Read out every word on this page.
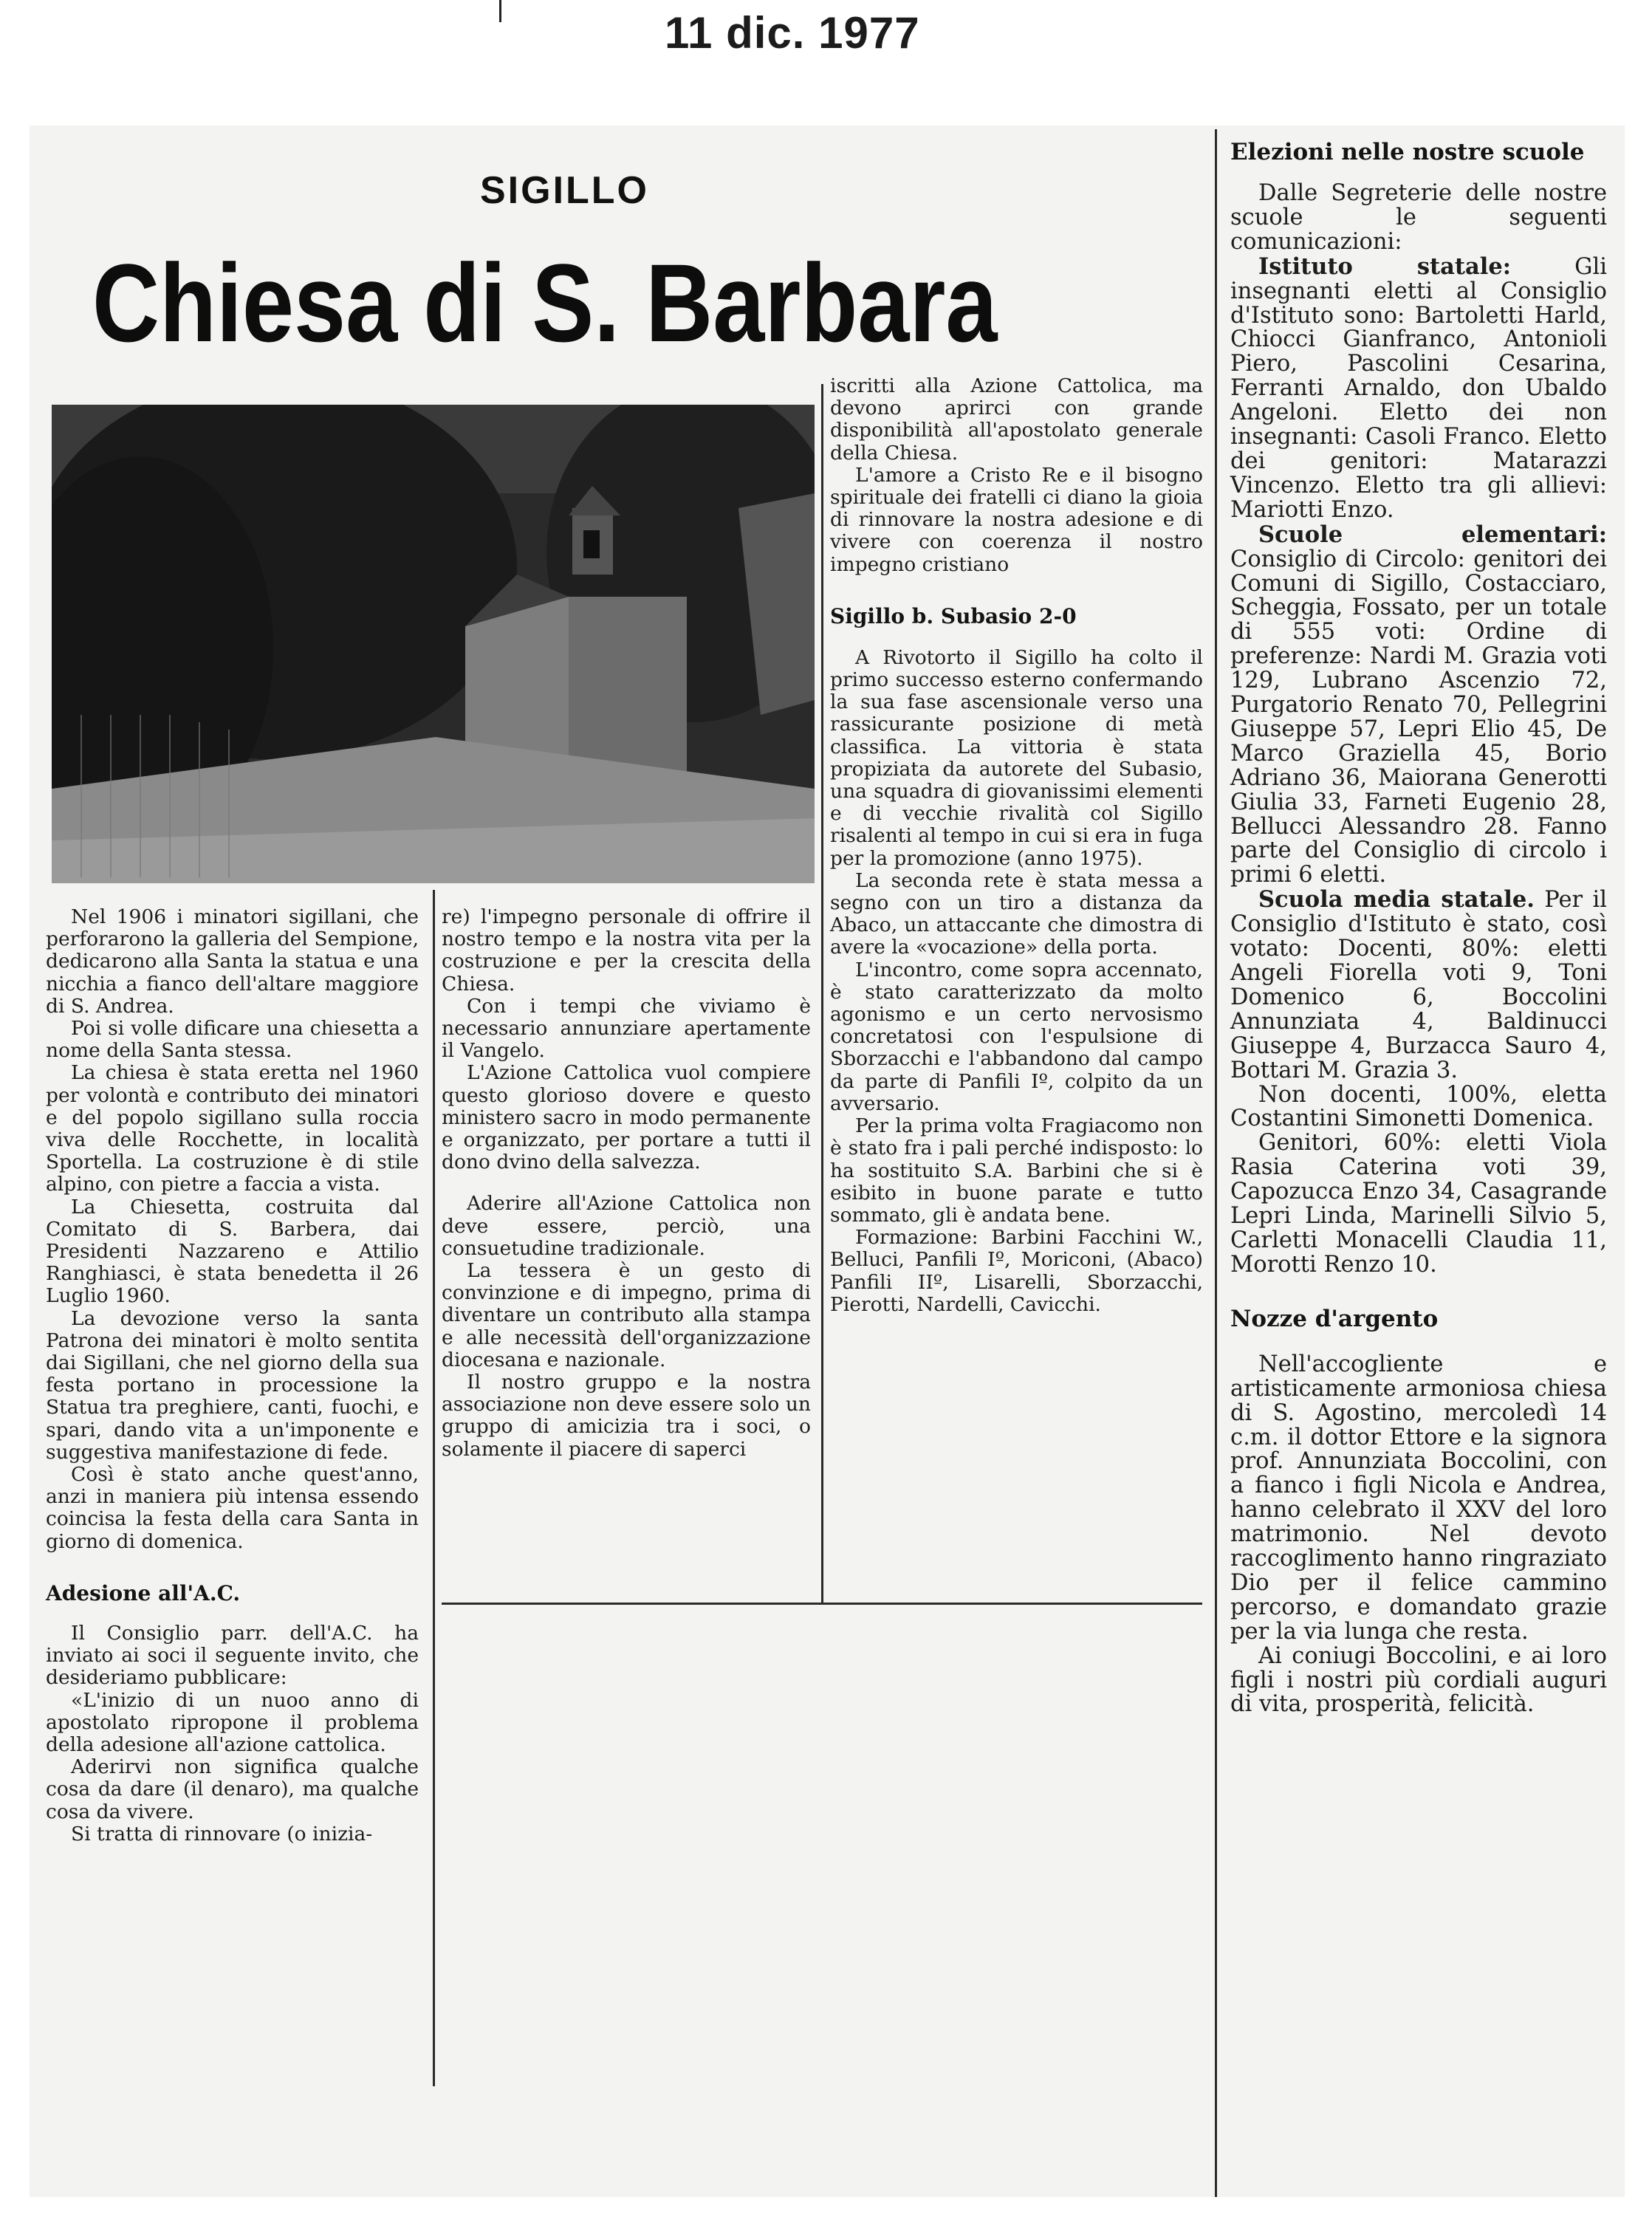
11 dic. 1977
SIGILLO
Chiesa di S. Barbara

Nel 1906 i minatori sigillani, che perforarono la galleria del Sempione, dedicarono alla Santa la statua e una nicchia a fianco dell'altare maggiore di S. Andrea.

Poi si volle dificare una chiesetta a nome della Santa stessa.

La chiesa è stata eretta nel 1960 per volontà e contributo dei minatori e del popolo sigillano sulla roccia viva delle Rocchette, in località Sportella. La costruzione è di stile alpino, con pietre a faccia a vista.

La Chiesetta, costruita dal Comitato di S. Barbera, dai Presidenti Nazzareno e Attilio Ranghiasci, è stata benedetta il 26 Luglio 1960.

La devozione verso la santa Patrona dei minatori è molto sentita dai Sigillani, che nel giorno della sua festa portano in processione la Statua tra preghiere, canti, fuochi, e spari, dando vita a un'imponente e suggestiva manifestazione di fede.

Così è stato anche quest'anno, anzi in maniera più intensa essendo coincisa la festa della cara Santa in giorno di domenica.

Adesione all'A.C.

Il Consiglio parr. dell'A.C. ha inviato ai soci il seguente invito, che desideriamo pubblicare:

«L'inizio di un nuoo anno di apostolato ripropone il problema della adesione all'azione cattolica.

Aderirvi non significa qualche cosa da dare (il denaro), ma qualche cosa da vivere.

Si tratta di rinnovare (o inizia-

re) l'impegno personale di offrire il nostro tempo e la nostra vita per la costruzione e per la crescita della Chiesa.

Con i tempi che viviamo è necessario annunziare apertamente il Vangelo.

L'Azione Cattolica vuol compiere questo glorioso dovere e questo ministero sacro in modo permanente e organizzato, per portare a tutti il dono dvino della salvezza.

Aderire all'Azione Cattolica non deve essere, perciò, una consuetudine tradizionale.

La tessera è un gesto di convinzione e di impegno, prima di diventare un contributo alla stampa e alle necessità dell'organizzazione diocesana e nazionale.

Il nostro gruppo e la nostra associazione non deve essere solo un gruppo di amicizia tra i soci, o solamente il piacere di saperci

iscritti alla Azione Cattolica, ma devono aprirci con grande disponibilità all'apostolato generale della Chiesa.

L'amore a Cristo Re e il bisogno spirituale dei fratelli ci diano la gioia di rinnovare la nostra adesione e di vivere con coerenza il nostro impegno cristiano

Sigillo b. Subasio 2-0

A Rivotorto il Sigillo ha colto il primo successo esterno confermando la sua fase ascensionale verso una rassicurante posizione di metà classifica. La vittoria è stata propiziata da autorete del Subasio, una squadra di giovanissimi elementi e di vecchie rivalità col Sigillo risalenti al tempo in cui si era in fuga per la promozione (anno 1975).

La seconda rete è stata messa a segno con un tiro a distanza da Abaco, un attaccante che dimostra di avere la «vocazione» della porta.

L'incontro, come sopra accennato, è stato caratterizzato da molto agonismo e un certo nervosismo concretatosi con l'espulsione di Sborzacchi e l'abbandono dal campo da parte di Panfili Iº, colpito da un avversario.

Per la prima volta Fragiacomo non è stato fra i pali perché indisposto: lo ha sostituito S.A. Barbini che si è esibito in buone parate e tutto sommato, gli è andata bene.

Formazione: Barbini Facchini W., Belluci, Panfili Iº, Moriconi, (Abaco) Panfili IIº, Lisarelli, Sborzacchi, Pierotti, Nardelli, Cavicchi.

Elezioni nelle nostre scuole

Dalle Segreterie delle nostre scuole le seguenti comunicazioni:

Istituto statale: Gli insegnanti eletti al Consiglio d'Istituto sono: Bartoletti Harld, Chiocci Gianfranco, Antonioli Piero, Pascolini Cesarina, Ferranti Arnaldo, don Ubaldo Angeloni. Eletto dei non insegnanti: Casoli Franco. Eletto dei genitori: Matarazzi Vincenzo. Eletto tra gli allievi: Mariotti Enzo.

Scuole elementari: Consiglio di Circolo: genitori dei Comuni di Sigillo, Costacciaro, Scheggia, Fossato, per un totale di 555 voti: Ordine di preferenze: Nardi M. Grazia voti 129, Lubrano Ascenzio 72, Purgatorio Renato 70, Pellegrini Giuseppe 57, Lepri Elio 45, De Marco Graziella 45, Borio Adriano 36, Maiorana Generotti Giulia 33, Farneti Eugenio 28, Bellucci Alessandro 28. Fanno parte del Consiglio di circolo i primi 6 eletti.

Scuola media statale. Per il Consiglio d'Istituto è stato, così votato: Docenti, 80%: eletti Angeli Fiorella voti 9, Toni Domenico 6, Boccolini Annunziata 4, Baldinucci Giuseppe 4, Burzacca Sauro 4, Bottari M. Grazia 3.

Non docenti, 100%, eletta Costantini Simonetti Domenica.

Genitori, 60%: eletti Viola Rasia Caterina voti 39, Capozucca Enzo 34, Casagrande Lepri Linda, Marinelli Silvio 5, Carletti Monacelli Claudia 11, Morotti Renzo 10.

Nozze d'argento

Nell'accogliente e artisticamente armoniosa chiesa di S. Agostino, mercoledì 14 c.m. il dottor Ettore e la signora prof. Annunziata Boccolini, con a fianco i figli Nicola e Andrea, hanno celebrato il XXV del loro matrimonio. Nel devoto raccoglimento hanno ringraziato Dio per il felice cammino percorso, e domandato grazie per la via lunga che resta.

Ai coniugi Boccolini, e ai loro figli i nostri più cordiali auguri di vita, prosperità, felicità.
